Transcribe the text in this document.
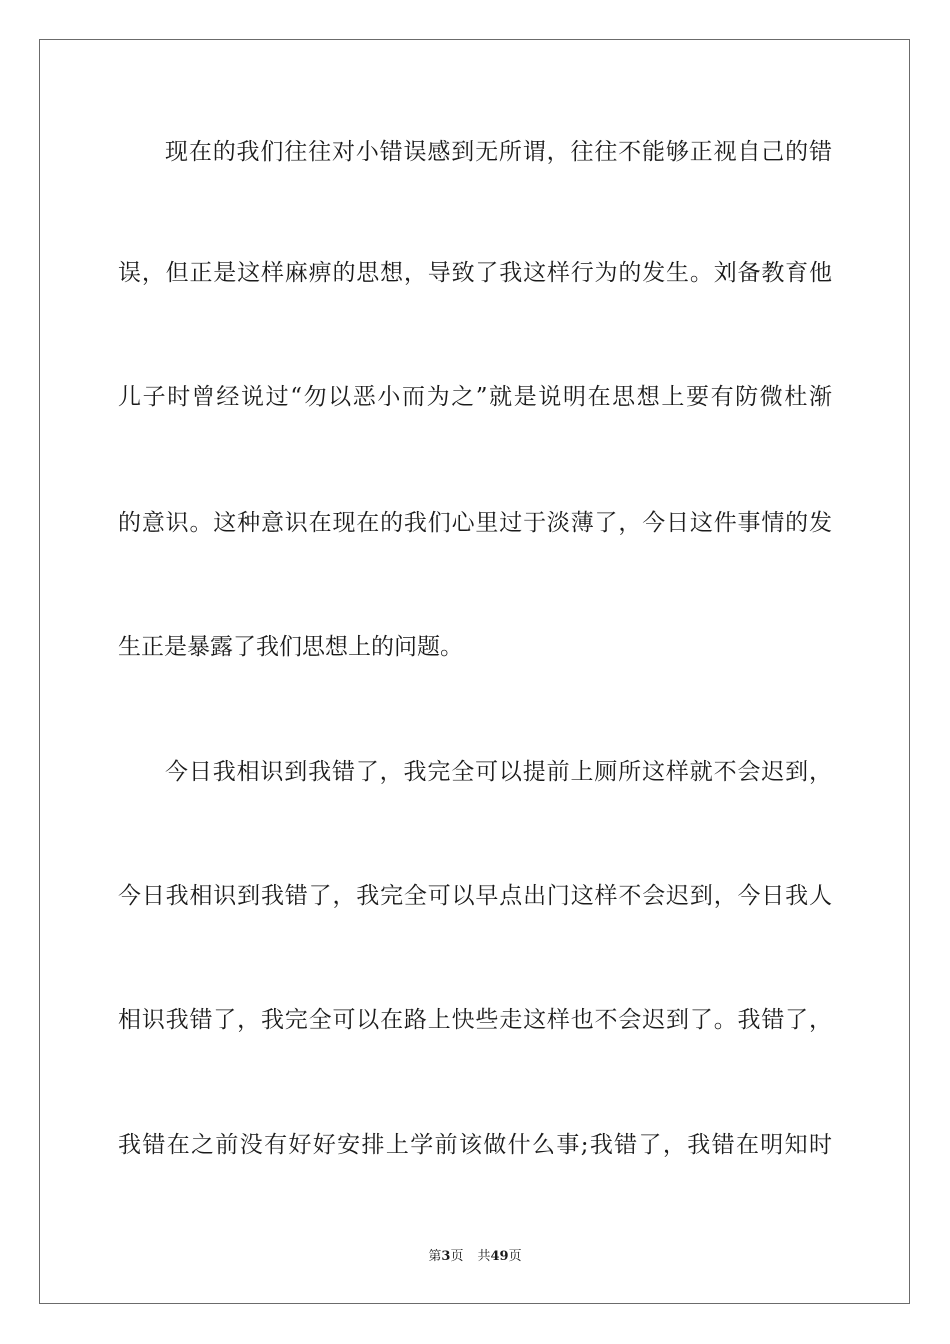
现在的我们往往对小错误感到无所谓，往往不能够正视自己的错
误，但正是这样麻痹的思想，导致了我这样行为的发生。刘备教育他
儿子时曾经说过“勿以恶小而为之”就是说明在思想上要有防微杜渐
的意识。这种意识在现在的我们心里过于淡薄了，今日这件事情的发
生正是暴露了我们思想上的问题。
今日我相识到我错了，我完全可以提前上厕所这样就不会迟到，
今日我相识到我错了，我完全可以早点出门这样不会迟到，今日我人
相识我错了，我完全可以在路上快些走这样也不会迟到了。我错了，
我错在之前没有好好安排上学前该做什么事;我错了，我错在明知时
第3页 共49页
